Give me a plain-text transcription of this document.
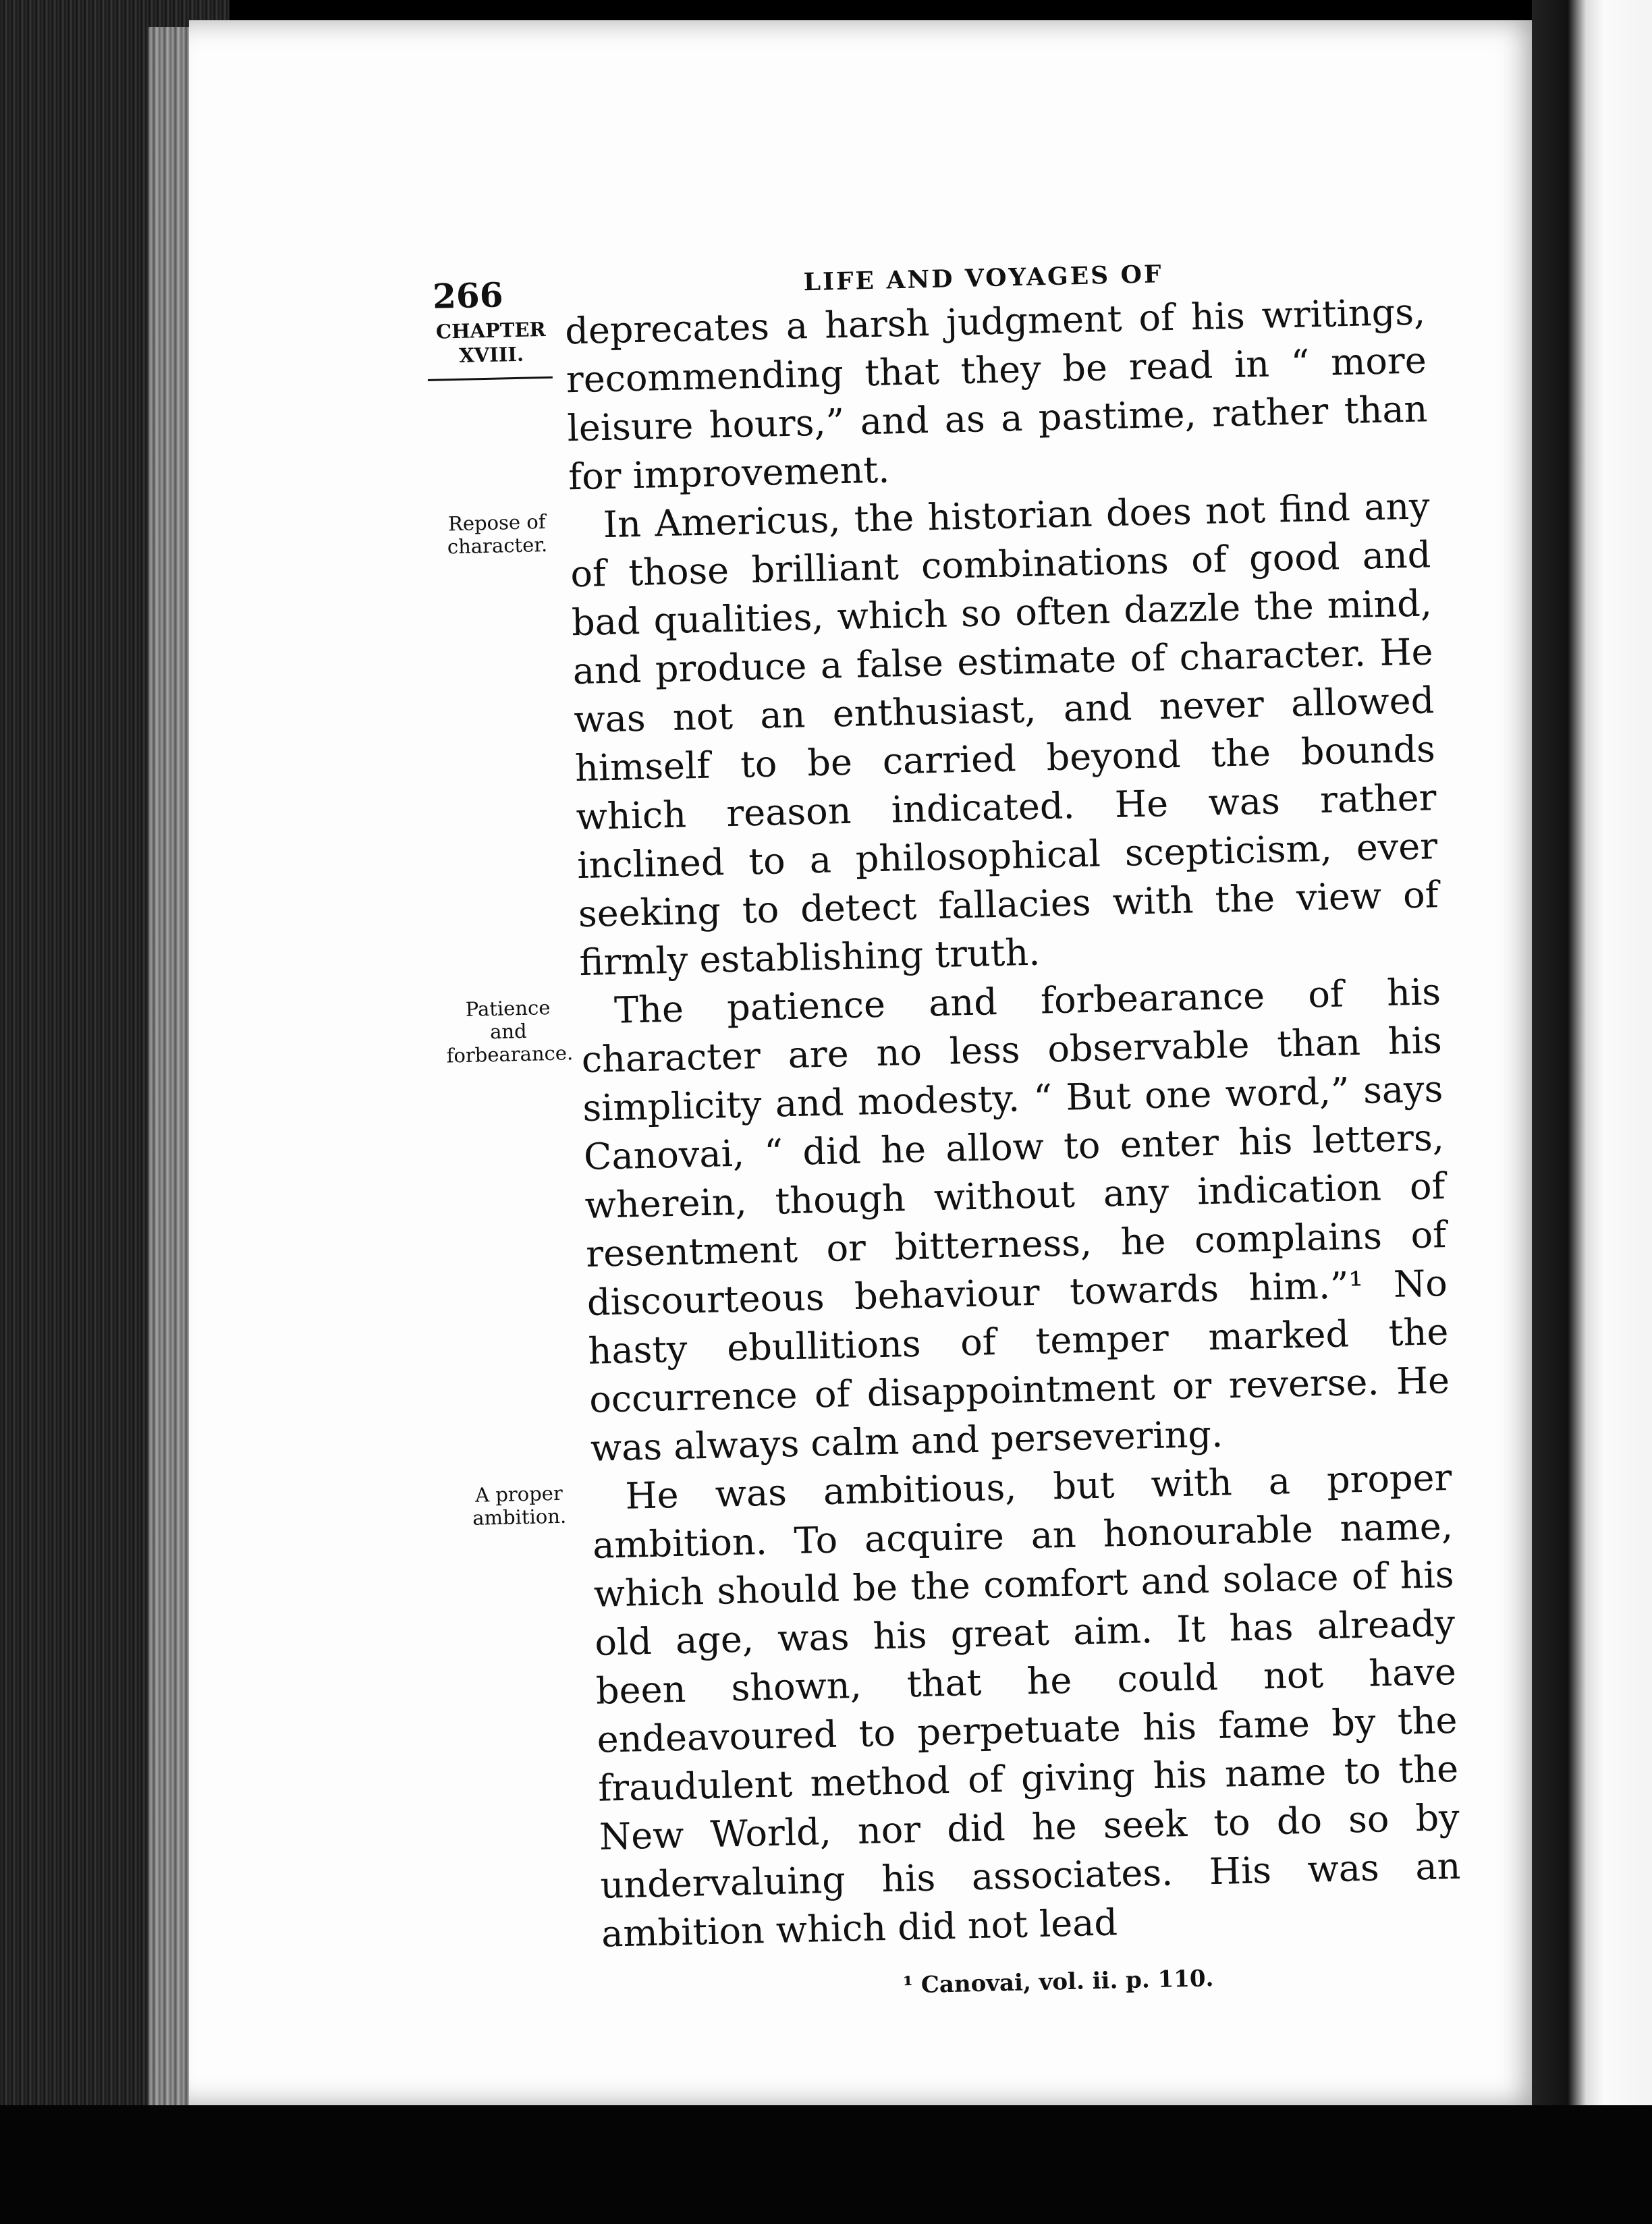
266	LIFE AND VOYAGES OF
CHAPTER
XVIII.

deprecates a harsh judgment of his writings, recommending that they be read in “ more leisure hours,” and as a pastime, rather than for improvement.

Repose of character.	In Americus, the historian does not find any of those brilliant combinations of good and bad qualities, which so often dazzle the mind, and produce a false estimate of character. He was not an enthusiast, and never allowed himself to be carried beyond the bounds which reason indicated. He was rather inclined to a philosophical scepticism, ever seeking to detect fallacies with the view of firmly establishing truth.

Patience and forbearance.

The patience and forbearance of his character are no less observable than his simplicity and modesty. “ But one word,” says Canovai, “ did he allow to enter his letters, wherein, though without any indication of resentment or bitterness, he complains of discourteous behaviour towards him.”¹ No hasty ebullitions of temper marked the occurrence of disappointment or reverse. He was always calm and persevering.

A proper ambition.	He was ambitious, but with a proper ambition. To acquire an honourable name, which should be the comfort and solace of his old age, was his great aim. It has already been shown, that he could not have endeavoured to perpetuate his fame by the fraudulent method of giving his name to the New World, nor did he seek to do so by undervaluing his associates. His was an ambition which did not lead

¹ Canovai, vol. ii. p. 110.
